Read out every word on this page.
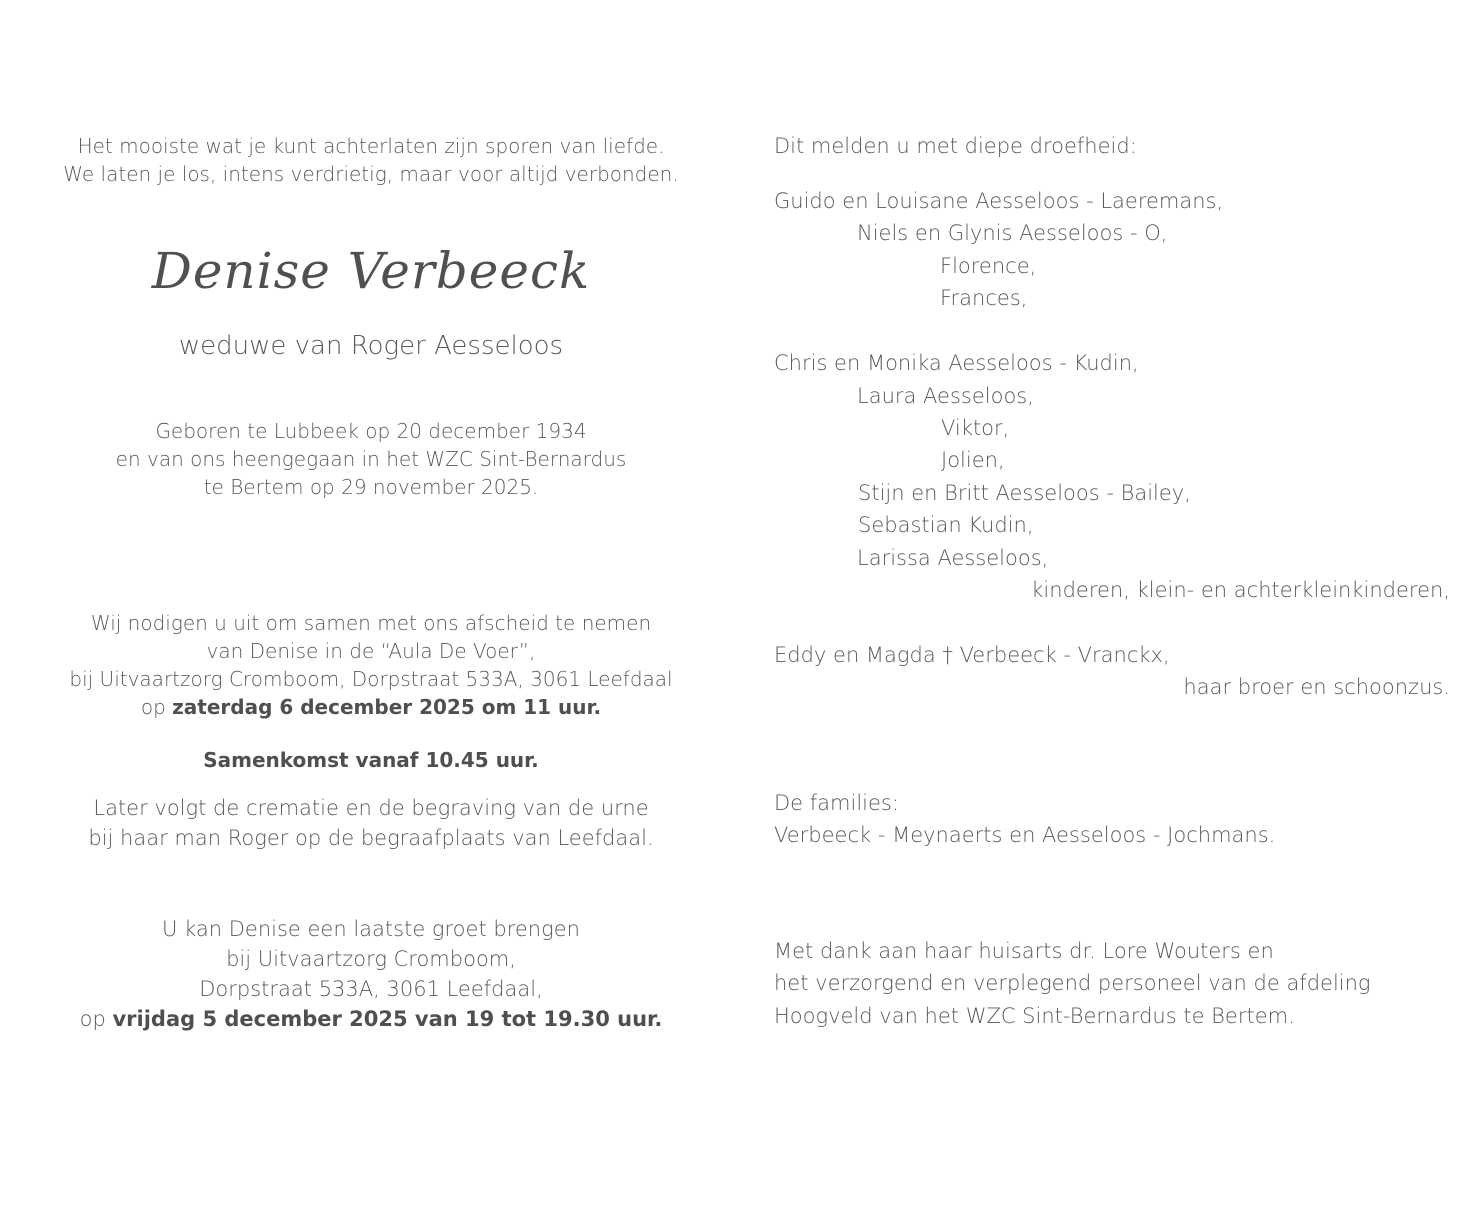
Het mooiste wat je kunt achterlaten zijn sporen van liefde.
We laten je los, intens verdrietig, maar voor altijd verbonden.
Denise Verbeeck
weduwe van Roger Aesseloos
Geboren te Lubbeek op 20 december 1934
en van ons heengegaan in het WZC Sint-Bernardus
te Bertem op 29 november 2025.
Wij nodigen u uit om samen met ons afscheid te nemen
van Denise in de “Aula De Voer”,
bij Uitvaartzorg Cromboom, Dorpstraat 533A, 3061 Leefdaal
op zaterdag 6 december 2025 om 11 uur.
Samenkomst vanaf 10.45 uur.
Later volgt de crematie en de begraving van de urne
bij haar man Roger op de begraafplaats van Leefdaal.
U kan Denise een laatste groet brengen
bij Uitvaartzorg Cromboom,
Dorpstraat 533A, 3061 Leefdaal,
op vrijdag 5 december 2025 van 19 tot 19.30 uur.
Dit melden u met diepe droefheid:
Guido en Louisane Aesseloos - Laeremans,
Niels en Glynis Aesseloos - O,
Florence,
Frances,
Chris en Monika Aesseloos - Kudin,
Laura Aesseloos,
Viktor,
Jolien,
Stijn en Britt Aesseloos - Bailey,
Sebastian Kudin,
Larissa Aesseloos,
kinderen, klein- en achterkleinkinderen,
Eddy en Magda † Verbeeck - Vranckx,
haar broer en schoonzus.
De families:
Verbeeck - Meynaerts en Aesseloos - Jochmans.
Met dank aan haar huisarts dr. Lore Wouters en
het verzorgend en verplegend personeel van de afdeling
Hoogveld van het WZC Sint-Bernardus te Bertem.
